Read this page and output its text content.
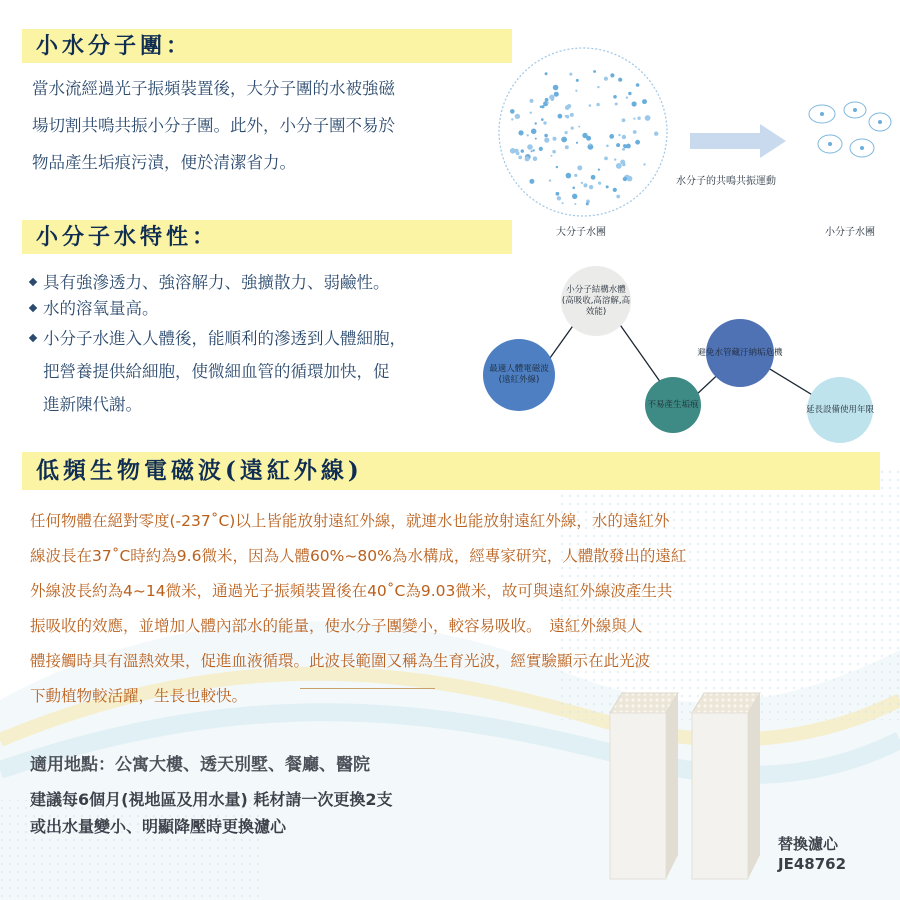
小水分子團：

當水流經過光子振頻裝置後，大分子團的水被強磁

場切割共鳴共振小分子團。此外，小分子團不易於

物品產生垢痕污漬，便於清潔省力。

水分子的共鳴共振運動
大分子水團	小分子水團
小分子水特性：
具有強滲透力、強溶解力、強擴散力、弱鹼性。
水的溶氧量高。
小分子水進入人體後，能順利的滲透到人體細胞，
把營養提供給細胞，使微細血管的循環加快，促
進新陳代謝。
小分子結構水體
(高吸收,高溶解,高效能)
最適人體電磁波
(遠紅外線)
避免水管藏汙納垢危機
不易產生垢痕	延長設備使用年限
低頻生物電磁波(遠紅外線)

任何物體在絕對零度(-237˚C)以上皆能放射遠紅外線，就連水也能放射遠紅外線，水的遠紅外

線波長在37˚C時約為9.6微米，因為人體60%~80%為水構成，經專家研究，人體散發出的遠紅

外線波長約為4~14微米，通過光子振頻裝置後在40˚C為9.03微米，故可與遠紅外線波產生共

振吸收的效應，並增加人體內部水的能量，使水分子團變小，較容易吸收。　遠紅外線與人

體接觸時具有溫熱效果，促進血液循環。此波長範圍又稱為生育光波，經實驗顯示在此光波

下動植物較活躍，生長也較快。

適用地點：公寓大樓、透天別墅、餐廳、醫院
建議每6個月(視地區及用水量) 耗材請一次更換2支
或出水量變小、明顯降壓時更換濾心
替換濾心
JE48762
